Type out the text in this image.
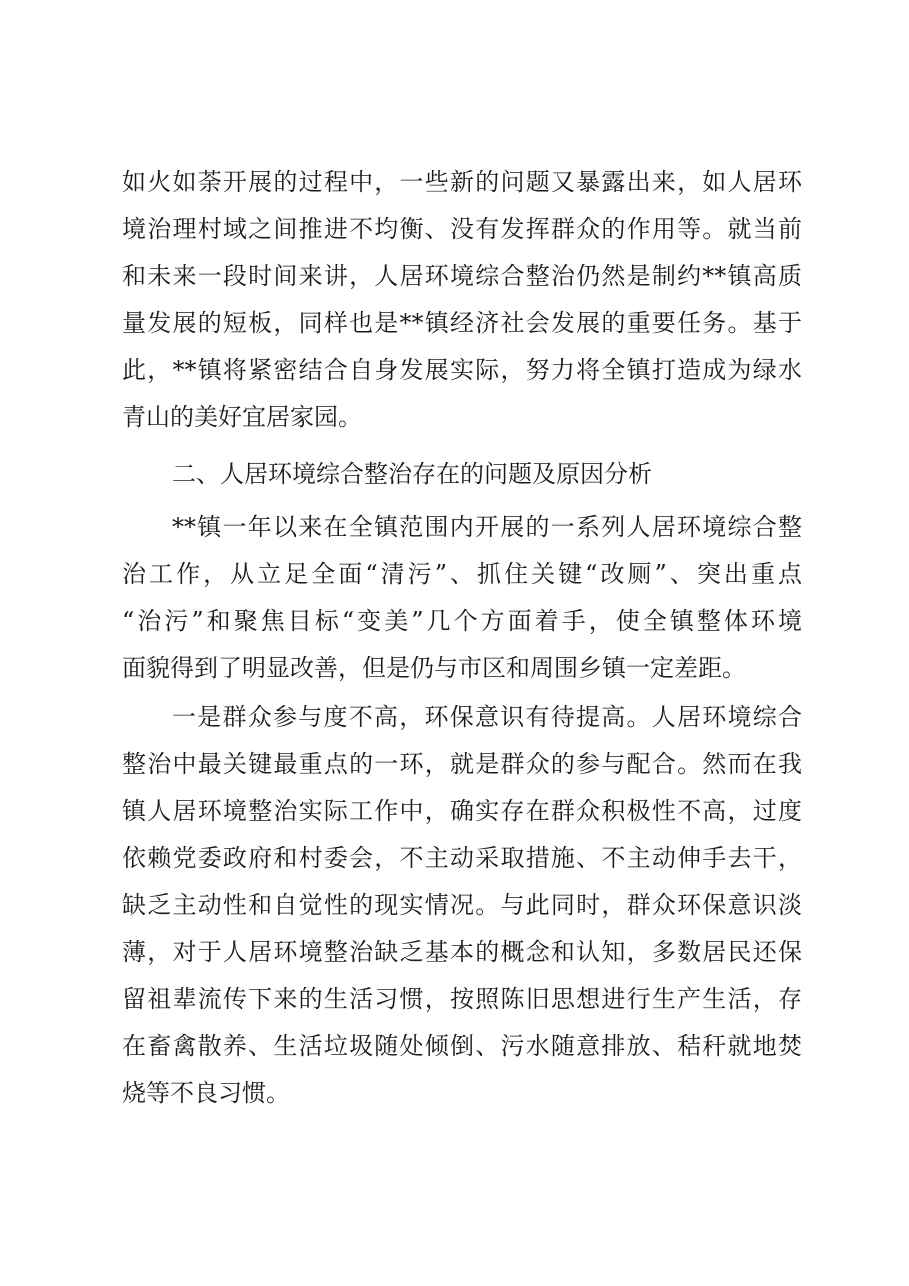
如火如荼开展的过程中，一些新的问题又暴露出来，如人居环
境治理村域之间推进不均衡、没有发挥群众的作用等。就当前
和未来一段时间来讲，人居环境综合整治仍然是制约**镇高质
量发展的短板，同样也是**镇经济社会发展的重要任务。基于
此，**镇将紧密结合自身发展实际，努力将全镇打造成为绿水
青山的美好宜居家园。
二、人居环境综合整治存在的问题及原因分析
**镇一年以来在全镇范围内开展的一系列人居环境综合整
治工作，从立足全面“清污”、抓住关键“改厕”、突出重点
“治污”和聚焦目标“变美”几个方面着手，使全镇整体环境
面貌得到了明显改善，但是仍与市区和周围乡镇一定差距。
一是群众参与度不高，环保意识有待提高。人居环境综合
整治中最关键最重点的一环，就是群众的参与配合。然而在我
镇人居环境整治实际工作中，确实存在群众积极性不高，过度
依赖党委政府和村委会，不主动采取措施、不主动伸手去干，
缺乏主动性和自觉性的现实情况。与此同时，群众环保意识淡
薄，对于人居环境整治缺乏基本的概念和认知，多数居民还保
留祖辈流传下来的生活习惯，按照陈旧思想进行生产生活，存
在畜禽散养、生活垃圾随处倾倒、污水随意排放、秸秆就地焚
烧等不良习惯。
